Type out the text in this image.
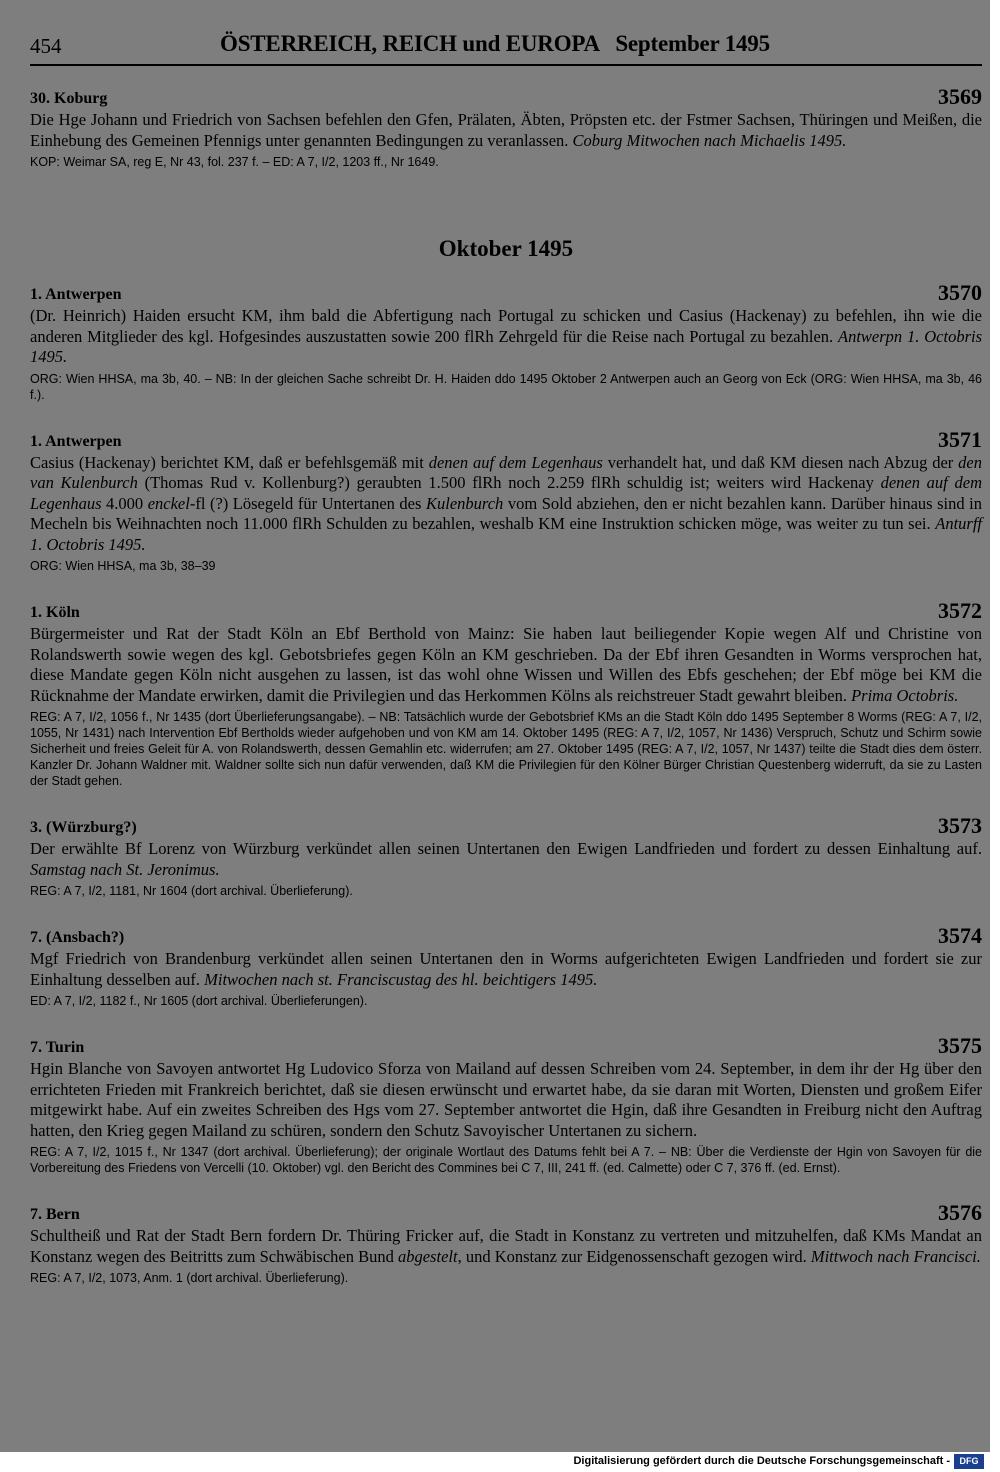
454	ÖSTERREICH, REICH und EUROPA   September 1495
30. Koburg	3569
Die Hge Johann und Friedrich von Sachsen befehlen den Gfen, Prälaten, Äbten, Pröpsten etc. der Fstmer Sachsen, Thüringen und Meißen, die Einhebung des Gemeinen Pfennigs unter genannten Bedingungen zu veranlassen. Coburg Mitwochen nach Michaelis 1495.
KOP: Weimar SA, reg E, Nr 43, fol. 237 f. – ED: A 7, I/2, 1203 ff., Nr 1649.
Oktober 1495
1. Antwerpen	3570
(Dr. Heinrich) Haiden ersucht KM, ihm bald die Abfertigung nach Portugal zu schicken und Casius (Hackenay) zu befehlen, ihn wie die anderen Mitglieder des kgl. Hofgesindes auszustatten sowie 200 flRh Zehrgeld für die Reise nach Portugal zu bezahlen. Antwerpn 1. Octobris 1495.
ORG: Wien HHSA, ma 3b, 40. – NB: In der gleichen Sache schreibt Dr. H. Haiden ddo 1495 Oktober 2 Antwerpen auch an Georg von Eck (ORG: Wien HHSA, ma 3b, 46 f.).
1. Antwerpen	3571
Casius (Hackenay) berichtet KM, daß er befehlsgemäß mit denen auf dem Legenhaus verhandelt hat, und daß KM diesen nach Abzug der den van Kulenburch (Thomas Rud v. Kollenburg?) geraubten 1.500 flRh noch 2.259 flRh schuldig ist; weiters wird Hackenay denen auf dem Legenhaus 4.000 enckel-fl (?) Lösegeld für Untertanen des Kulenburch vom Sold abziehen, den er nicht bezahlen kann. Darüber hinaus sind in Mecheln bis Weihnachten noch 11.000 flRh Schulden zu bezahlen, weshalb KM eine Instruktion schicken möge, was weiter zu tun sei. Anturff 1. Octobris 1495.
ORG: Wien HHSA, ma 3b, 38–39
1. Köln	3572
Bürgermeister und Rat der Stadt Köln an Ebf Berthold von Mainz: Sie haben laut beiliegender Kopie wegen Alf und Christine von Rolandswerth sowie wegen des kgl. Gebotsbriefes gegen Köln an KM geschrieben. Da der Ebf ihren Gesandten in Worms versprochen hat, diese Mandate gegen Köln nicht ausgehen zu lassen, ist das wohl ohne Wissen und Willen des Ebfs geschehen; der Ebf möge bei KM die Rücknahme der Mandate erwirken, damit die Privilegien und das Herkommen Kölns als reichstreuer Stadt gewahrt bleiben. Prima Octobris.
REG: A 7, I/2, 1056 f., Nr 1435 (dort Überlieferungsangabe). – NB: Tatsächlich wurde der Gebotsbrief KMs an die Stadt Köln ddo 1495 September 8 Worms (REG: A 7, I/2, 1055, Nr 1431) nach Intervention Ebf Bertholds wieder aufgehoben und von KM am 14. Oktober 1495 (REG: A 7, I/2, 1057, Nr 1436) Verspruch, Schutz und Schirm sowie Sicherheit und freies Geleit für A. von Rolandswerth, dessen Gemahlin etc. widerrufen; am 27. Oktober 1495 (REG: A 7, I/2, 1057, Nr 1437) teilte die Stadt dies dem österr. Kanzler Dr. Johann Waldner mit. Waldner sollte sich nun dafür verwenden, daß KM die Privilegien für den Kölner Bürger Christian Questenberg widerruft, da sie zu Lasten der Stadt gehen.
3. (Würzburg?)	3573
Der erwählte Bf Lorenz von Würzburg verkündet allen seinen Untertanen den Ewigen Landfrieden und fordert zu dessen Einhaltung auf. Samstag nach St. Jeronimus.
REG: A 7, I/2, 1181, Nr 1604 (dort archival. Überlieferung).
7. (Ansbach?)	3574
Mgf Friedrich von Brandenburg verkündet allen seinen Untertanen den in Worms aufgerichteten Ewigen Landfrieden und fordert sie zur Einhaltung desselben auf. Mitwochen nach st. Franciscustag des hl. beichtigers 1495.
ED: A 7, I/2, 1182 f., Nr 1605 (dort archival. Überlieferungen).
7. Turin	3575
Hgin Blanche von Savoyen antwortet Hg Ludovico Sforza von Mailand auf dessen Schreiben vom 24. September, in dem ihr der Hg über den errichteten Frieden mit Frankreich berichtet, daß sie diesen erwünscht und erwartet habe, da sie daran mit Worten, Diensten und großem Eifer mitgewirkt habe. Auf ein zweites Schreiben des Hgs vom 27. September antwortet die Hgin, daß ihre Gesandten in Freiburg nicht den Auftrag hatten, den Krieg gegen Mailand zu schüren, sondern den Schutz Savoyischer Untertanen zu sichern.
REG: A 7, I/2, 1015 f., Nr 1347 (dort archival. Überlieferung); der originale Wortlaut des Datums fehlt bei A 7. – NB: Über die Verdienste der Hgin von Savoyen für die Vorbereitung des Friedens von Vercelli (10. Oktober) vgl. den Bericht des Commines bei C 7, III, 241 ff. (ed. Calmette) oder C 7, 376 ff. (ed. Ernst).
7. Bern	3576
Schultheiß und Rat der Stadt Bern fordern Dr. Thüring Fricker auf, die Stadt in Konstanz zu vertreten und mitzuhelfen, daß KMs Mandat an Konstanz wegen des Beitritts zum Schwäbischen Bund abgestelt, und Konstanz zur Eidgenossenschaft gezogen wird. Mittwoch nach Francisci.
REG: A 7, I/2, 1073, Anm. 1 (dort archival. Überlieferung).
Digitalisierung gefördert durch die Deutsche Forschungsgemeinschaft -	DFG
